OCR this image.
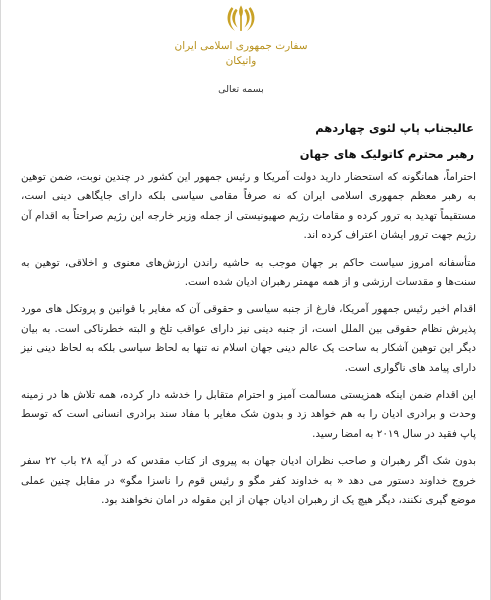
سفارت جمهوری اسلامی ایران
واتیکان
بسمه تعالی
عالیجناب پاپ لئوی چهاردهم
رهبر محترم کاتولیک های جهان

احتراماً، همانگونه که استحضار دارید دولت آمریکا و رئیس جمهور این کشور در چندین نوبت، ضمن توهین به رهبر معظم جمهوری اسلامی ایران که نه صرفاً مقامی سیاسی بلکه دارای جایگاهی دینی است، مستقیماً تهدید به ترور کرده و مقامات رژیم صهیونیستی از جمله وزیر خارجه این رژیم صراحتاً به اقدام آن رژیم جهت ترور ایشان اعتراف کرده اند.

متأسفانه امروز سیاست حاکم بر جهان موجب به حاشیه راندن ارزش‌های معنوی و اخلاقی، توهین به سنت‌ها و مقدسات ارزشی و از همه مهمتر رهبران ادیان شده است.

اقدام اخیر رئیس جمهور آمریکا، فارغ از جنبه سیاسی و حقوقی آن که مغایر با قوانین و پروتکل های مورد پذیرش نظام حقوقی بین الملل است، از جنبه دینی نیز دارای عواقب تلخ و البته خطرناکی است. به بیان دیگر این توهین آشکار به ساحت یک عالم دینی جهان اسلام نه تنها به لحاظ سیاسی بلکه به لحاظ دینی نیز دارای پیامد های ناگواری است.

این اقدام ضمن اینکه همزیستی مسالمت آمیز و احترام متقابل را خدشه دار کرده، همه تلاش ها در زمینه وحدت و برادری ادیان را به هم خواهد زد و بدون شک مغایر با مفاد سند برادری انسانی است که توسط پاپ فقید در سال ۲۰۱۹ به امضا رسید.

بدون شک اگر رهبران و صاحب نظران ادیان جهان به پیروی از کتاب مقدس که در آیه ۲۸ باب ۲۲ سفر خروج خداوند دستور می دهد « به خداوند کفر مگو و رئیس قوم را ناسزا مگو» در مقابل چنین عملی موضع گیری نکنند، دیگر هیچ یک از رهبران ادیان جهان از این مقوله در امان نخواهند بود.
